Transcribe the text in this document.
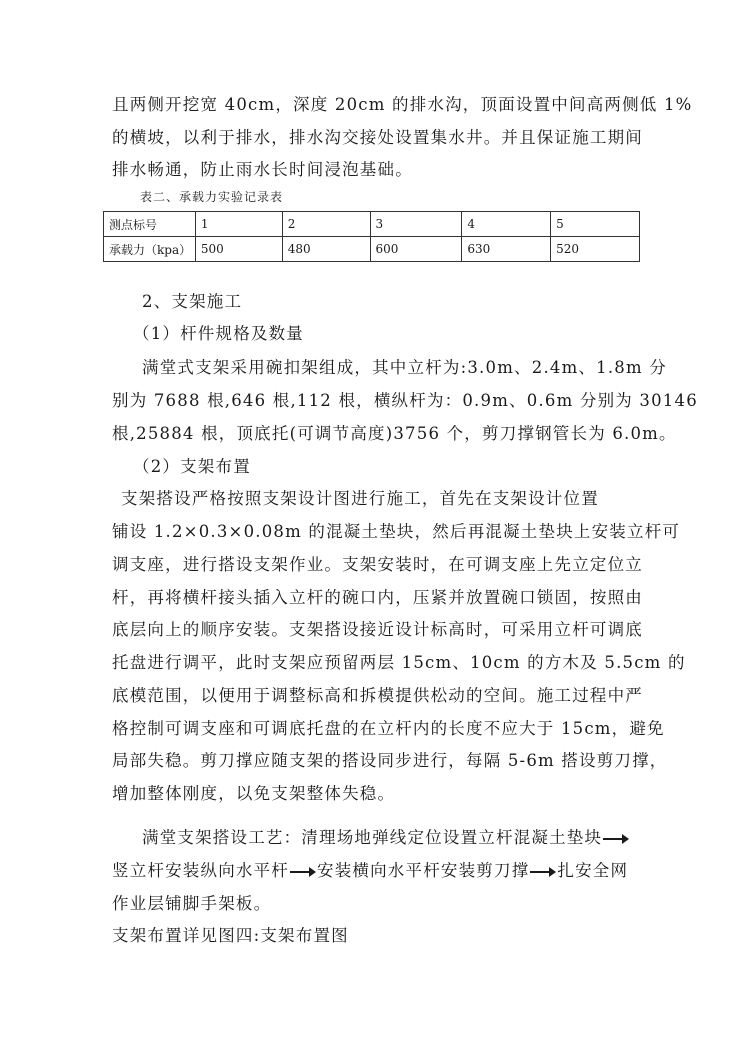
且两侧开挖宽 40cm，深度 20cm 的排水沟，顶面设置中间高两侧低 1%
的横坡，以利于排水，排水沟交接处设置集水井。并且保证施工期间
排水畅通，防止雨水长时间浸泡基础。
表二、承载力实验记录表
测点标号	1	2	3	4	5
承载力（kpa）	500	480	600	630	520
2、支架施工
（1）杆件规格及数量
满堂式支架采用碗扣架组成，其中立杆为:3.0m、2.4m、1.8m 分
别为 7688 根,646 根,112 根，横纵杆为：0.9m、0.6m 分别为 30146
根,25884 根，顶底托(可调节高度)3756 个，剪刀撑钢管长为 6.0m。
（2）支架布置
支架搭设严格按照支架设计图进行施工，首先在支架设计位置
铺设 1.2×0.3×0.08m 的混凝土垫块，然后再混凝土垫块上安装立杆可
调支座，进行搭设支架作业。支架安装时，在可调支座上先立定位立
杆，再将横杆接头插入立杆的碗口内，压紧并放置碗口锁固，按照由
底层向上的顺序安装。支架搭设接近设计标高时，可采用立杆可调底
托盘进行调平，此时支架应预留两层 15cm、10cm 的方木及 5.5cm 的
底模范围，以便用于调整标高和拆模提供松动的空间。施工过程中严
格控制可调支座和可调底托盘的在立杆内的长度不应大于 15cm，避免
局部失稳。剪刀撑应随支架的搭设同步进行，每隔 5-6m 搭设剪刀撑，
增加整体刚度，以免支架整体失稳。
满堂支架搭设工艺：清理场地弹线定位设置立杆混凝土垫块
竖立杆安装纵向水平杆 安装横向水平杆安装剪刀撑 扎安全网
作业层铺脚手架板。
支架布置详见图四:支架布置图
